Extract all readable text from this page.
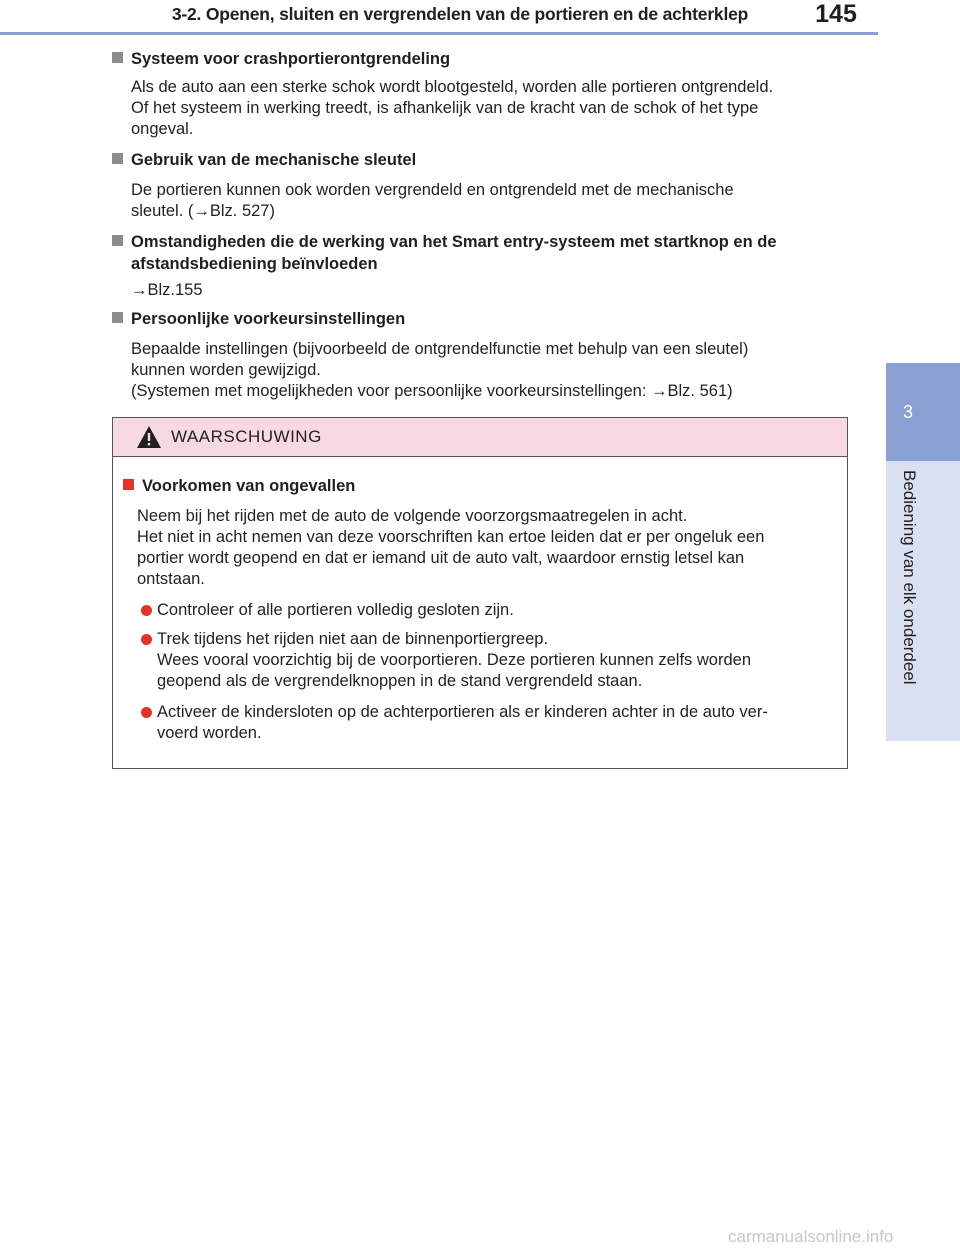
3-2. Openen, sluiten en vergrendelen van de portieren en de achterklep	145
3
Bediening van elk onderdeel
Systeem voor crashportierontgrendeling
Als de auto aan een sterke schok wordt blootgesteld, worden alle portieren ontgrendeld.
Of het systeem in werking treedt, is afhankelijk van de kracht van de schok of het type
ongeval.
Gebruik van de mechanische sleutel
De portieren kunnen ook worden vergrendeld en ontgrendeld met de mechanische
sleutel. (→Blz. 527)
Omstandigheden die de werking van het Smart entry-systeem met startknop en de
afstandsbediening beïnvloeden
→Blz.155
Persoonlijke voorkeursinstellingen
Bepaalde instellingen (bijvoorbeeld de ontgrendelfunctie met behulp van een sleutel)
kunnen worden gewijzigd.
(Systemen met mogelijkheden voor persoonlijke voorkeursinstellingen: →Blz. 561)
WAARSCHUWING
Voorkomen van ongevallen
Neem bij het rijden met de auto de volgende voorzorgsmaatregelen in acht.
Het niet in acht nemen van deze voorschriften kan ertoe leiden dat er per ongeluk een
portier wordt geopend en dat er iemand uit de auto valt, waardoor ernstig letsel kan
ontstaan.
Controleer of alle portieren volledig gesloten zijn.
Trek tijdens het rijden niet aan de binnenportiergreep.
Wees vooral voorzichtig bij de voorportieren. Deze portieren kunnen zelfs worden
geopend als de vergrendelknoppen in de stand vergrendeld staan.
Activeer de kindersloten op de achterportieren als er kinderen achter in de auto ver-
voerd worden.
carmanualsonline.info
